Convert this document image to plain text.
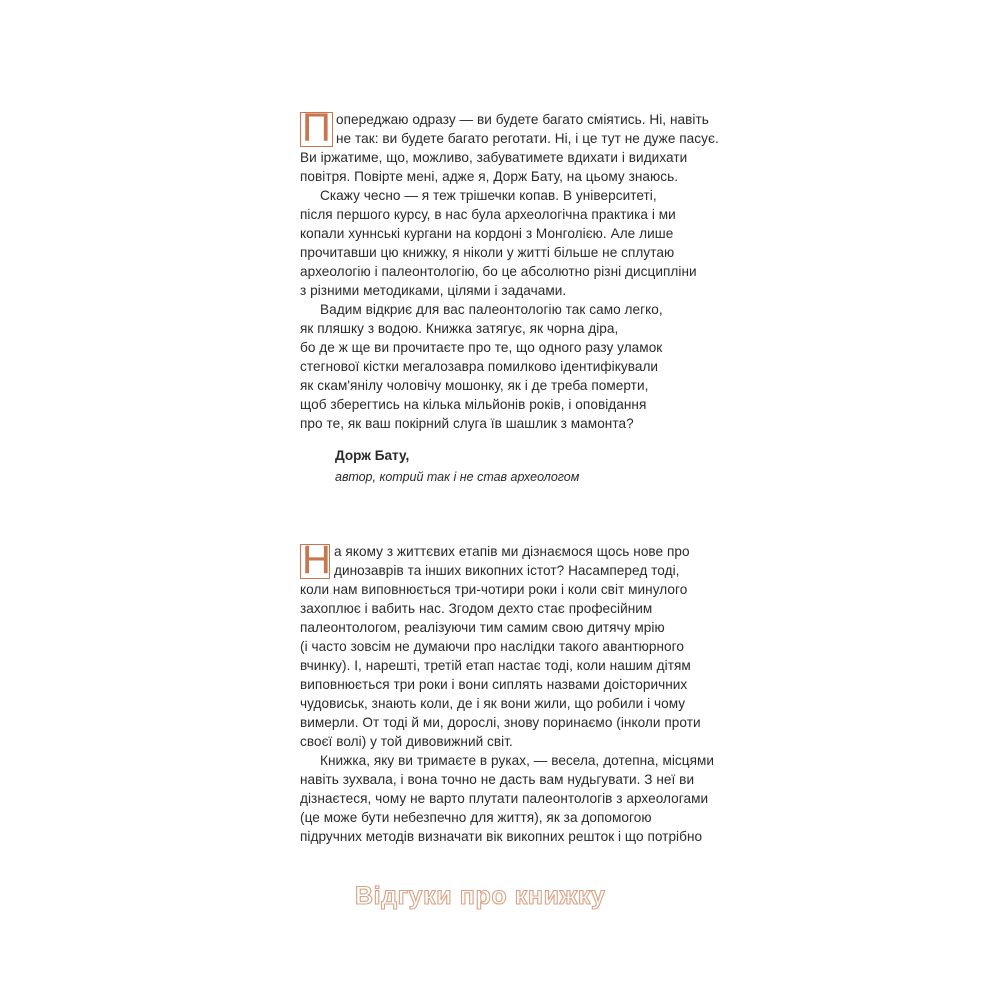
П опереджаю одразу — ви будете багато сміятись. Ні, навіть
не так: ви будете багато реготати. Ні, і це тут не дуже пасує.
Ви іржатиме, що, можливо, забуватимете вдихати і видихати
повітря. Повірте мені, адже я, Дорж Бату, на цьому знаюсь.
Скажу чесно — я теж трішечки копав. В університеті,
після першого курсу, в нас була археологічна практика і ми
копали хуннські кургани на кордоні з Монголією. Але лише
прочитавши цю книжку, я ніколи у житті більше не сплутаю
археологію і палеонтологію, бо це абсолютно різні дисципліни
з різними методиками, цілями і задачами.
Вадим відкриє для вас палеонтологію так само легко,
як пляшку з водою. Книжка затягує, як чорна діра,
бо де ж ще ви прочитаєте про те, що одного разу уламок
стегнової кістки мегалозавра помилково ідентифікували
як скам'янілу чоловічу мошонку, як і де треба померти,
щоб зберегтись на кілька мільйонів років, і оповідання
про те, як ваш покірний слуга їв шашлик з мамонта?
Дорж Бату,
автор, котрий так і не став археологом
Н а якому з життєвих етапів ми дізнаємося щось нове про
динозаврів та інших викопних істот? Насамперед тоді,
коли нам виповнюється три-чотири роки і коли світ минулого
захоплює і вабить нас. Згодом дехто стає професійним
палеонтологом, реалізуючи тим самим свою дитячу мрію
(і часто зовсім не думаючи про наслідки такого авантюрного
вчинку). І, нарешті, третій етап настає тоді, коли нашим дітям
виповнюється три роки і вони сиплять назвами доісторичних
чудовиськ, знають коли, де і як вони жили, що робили і чому
вимерли. От тоді й ми, дорослі, знову поринаємо (інколи проти
своєї волі) у той дивовижний світ.
Книжка, яку ви тримаєте в руках, — весела, дотепна, місцями
навіть зухвала, і вона точно не дасть вам нудьгувати. З неї ви
дізнаєтеся, чому не варто плутати палеонтологів з археологами
(це може бути небезпечно для життя), як за допомогою
підручних методів визначати вік викопних решток і що потрібно
Відгуки про книжку
